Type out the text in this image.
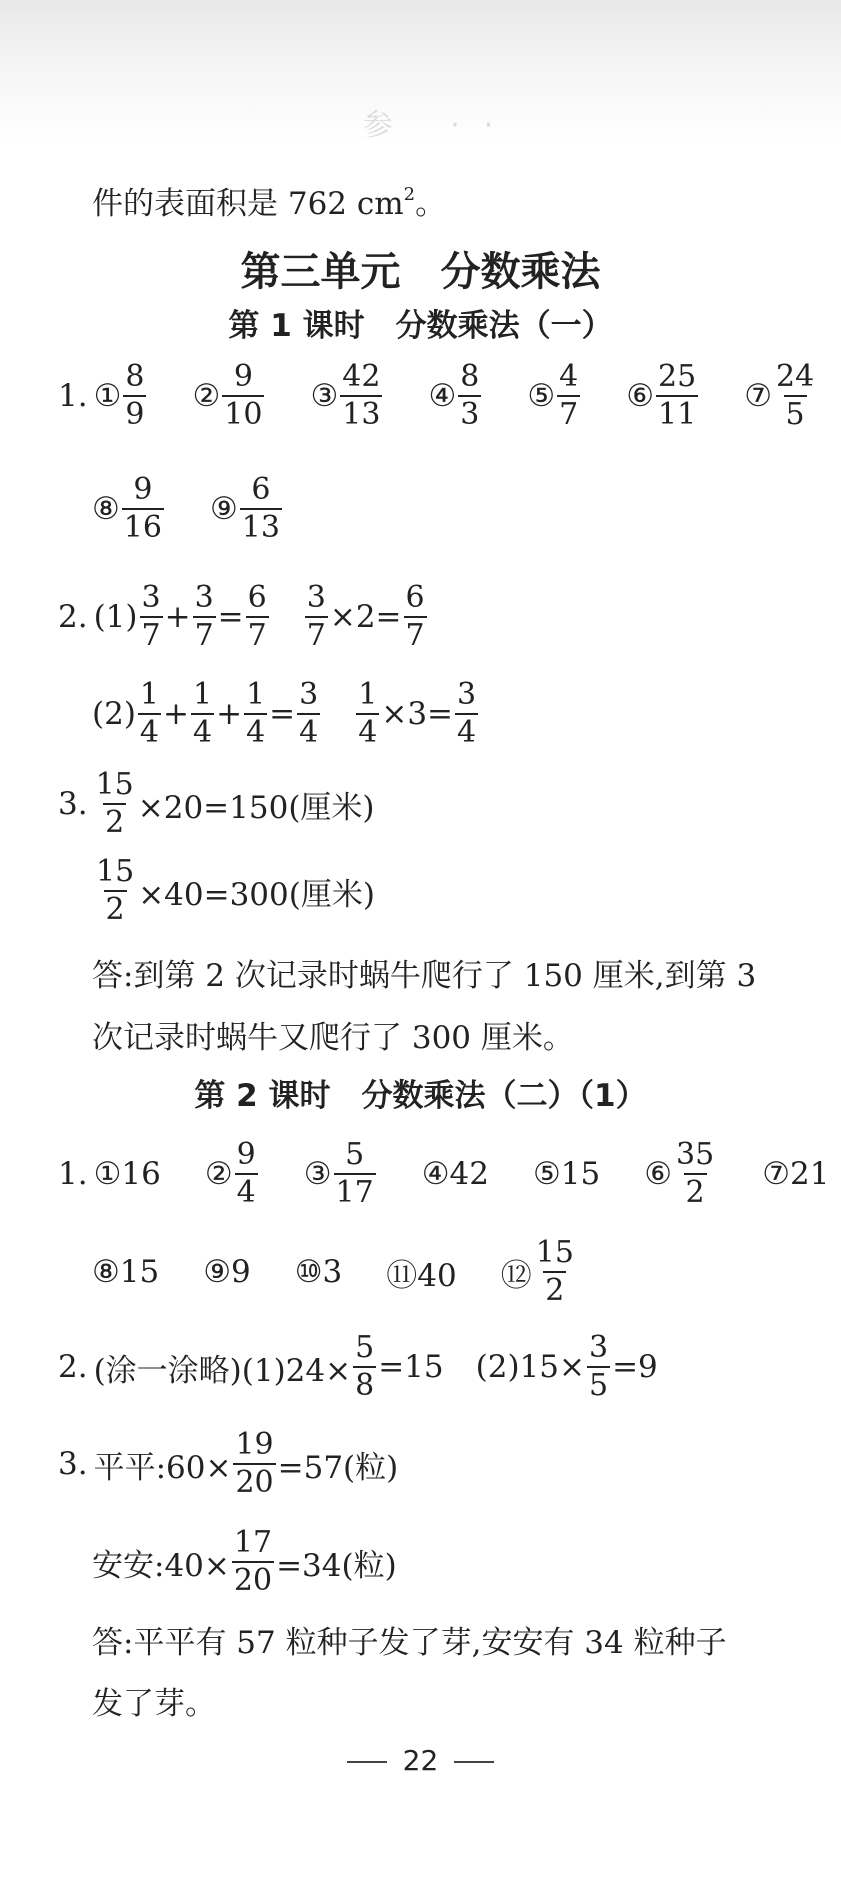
参 ··
件的表面积是 762 $cm^2$。
第三单元　分数乘法
第 1 课时　分数乘法（一）
1. ① $\frac{8}{9}$ ② $\frac{9}{10}$ ③ $\frac{42}{13}$ ④ $\frac{8}{3}$ ⑤ $\frac{4}{7}$ ⑥ $\frac{25}{11}$ ⑦ $\frac{24}{5}$
⑧ $\frac{9}{16}$ ⑨ $\frac{6}{13}$
2. $(1) \frac{3}{7} + \frac{3}{7} = \frac{6}{7} \frac{3}{7} \times 2= \frac{6}{7}$
$(2) \frac{1}{4} + \frac{1}{4} + \frac{1}{4} = \frac{3}{4} \frac{1}{4} \times 3= \frac{3}{4}$
3. $\frac{15}{2} \times 20=150$(厘米)
$\frac{15}{2} \times 40=300$(厘米)
答:到第 2 次记录时蜗牛爬行了 150 厘米,到第 3
次记录时蜗牛又爬行了 300 厘米。
第 2 课时　分数乘法（二）（1）
1. ①16 ② $\frac{9}{4}$ ③ $\frac{5}{17}$ ④42 ⑤15 ⑥ $\frac{35}{2}$ ⑦21
⑧15 ⑨9 ⑩3 ⑪40 ⑫ $\frac{15}{2}$
2. (涂一涂略)$(1)24\times \frac{5}{8} =15$ $(2)15\times \frac{3}{5} =9$
3. 平平:60× $\frac{19}{20} =57$(粒)
安安:40× $\frac{17}{20} =34$(粒)
答:平平有 57 粒种子发了芽,安安有 34 粒种子
发了芽。
22
